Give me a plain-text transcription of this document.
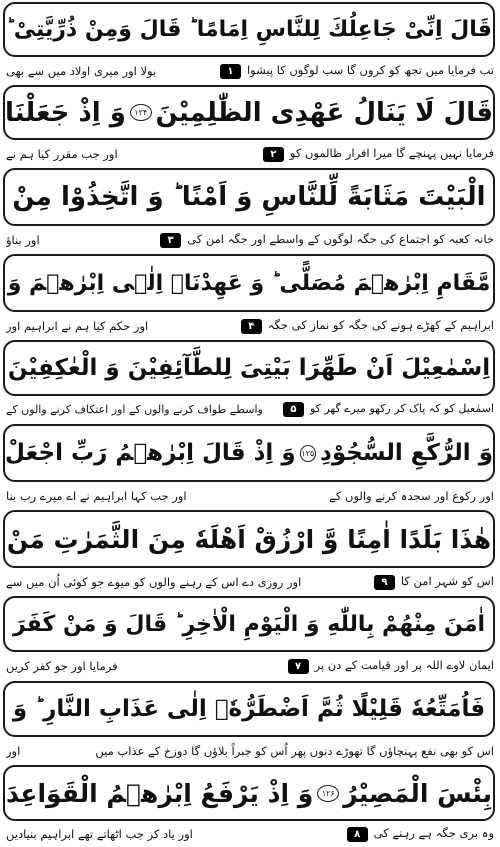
قَالَ اِنِّیْ جَاعِلُكَ لِلنَّاسِ اِمَامًا ؕ قَالَ وَمِنْ ذُرِّیَّتِیْ ؕ
تب فرمایا میں تجھ کو کروں گا سب لوگوں کا پیشوا۱
بولا اور میری اولاد میں سے بھی
قَالَ لَا یَنَالُ عَهْدِی الظّٰلِمِیْنَ
۱۲۴
وَ اِذْ جَعَلْنَا
فرمایا نہیں پہنچے گا میرا اقرار ظالموں کو۲
اور جب مقرر کیا ہم نے
الْبَیْتَ مَثَابَةً لِّلنَّاسِ وَ اَمْنًا ؕ وَ اتَّخِذُوْا مِنْ
خانہ کعبہ کو اجتماع کی جگہ لوگوں کے واسطے اور جگہ امن کی۳
اور بناؤ
مَّقَامِ اِبْرٰهٖمَ مُصَلًّی ؕ وَ عَهِدْنَاۤ اِلٰۤی اِبْرٰهٖمَ وَ
ابراہیم کے کھڑے ہونے کی جگہ کو نماز کی جگہ۴
اور حکم کیا ہم نے ابراہیم اور
اِسْمٰعِیْلَ اَنْ طَهِّرَا بَیْتِیَ لِلطَّآئِفِیْنَ وَ الْعٰكِفِیْنَ
اسمٰعیل کو کہ پاک کر رکھو میرے گھر کو۵
واسطے طواف کرنے والوں کے اور اعتکاف کرنے والوں کے
وَ الرُّكَّعِ السُّجُوْدِ
۱۲۵
وَ اِذْ قَالَ اِبْرٰهٖمُ رَبِّ اجْعَلْ
اور رکوع اور سجدہ کرنے والوں کے
اور جب کہا ابراہیم نے اے میرے رب بنا
هٰذَا بَلَدًا اٰمِنًا وَّ ارْزُقْ اَهْلَهٗ مِنَ الثَّمَرٰتِ مَنْ
اس کو شہر امن کا۹
اور روزی دے اس کے رہنے والوں کو میوے جو کوئی اُن میں سے
اٰمَنَ مِنْهُمْ بِاللّٰهِ وَ الْیَوْمِ الْاٰخِرِ ؕ قَالَ وَ مَنْ كَفَرَ
ایمان لاوے اللہ پر اور قیامت کے دن پر۷
فرمایا اور جو کفر کریں
فَاُمَتِّعُهٗ قَلِیْلًا ثُمَّ اَضْطَرُّهٗۤ اِلٰی عَذَابِ النَّارِ ؕ وَ
اس کو بھی نفع پہنچاؤں گا تھوڑے دنوں پھر اُس کو جبراً بلاؤں گا دوزخ کے عذاب میں
اور
بِئْسَ الْمَصِیْرُ
۱۲۶
وَ اِذْ یَرْفَعُ اِبْرٰهٖمُ الْقَوَاعِدَ
وہ بری جگہ ہے رہنے کی۸
اور یاد کر جب اٹھاتے تھے ابراہیم بنیادیں
